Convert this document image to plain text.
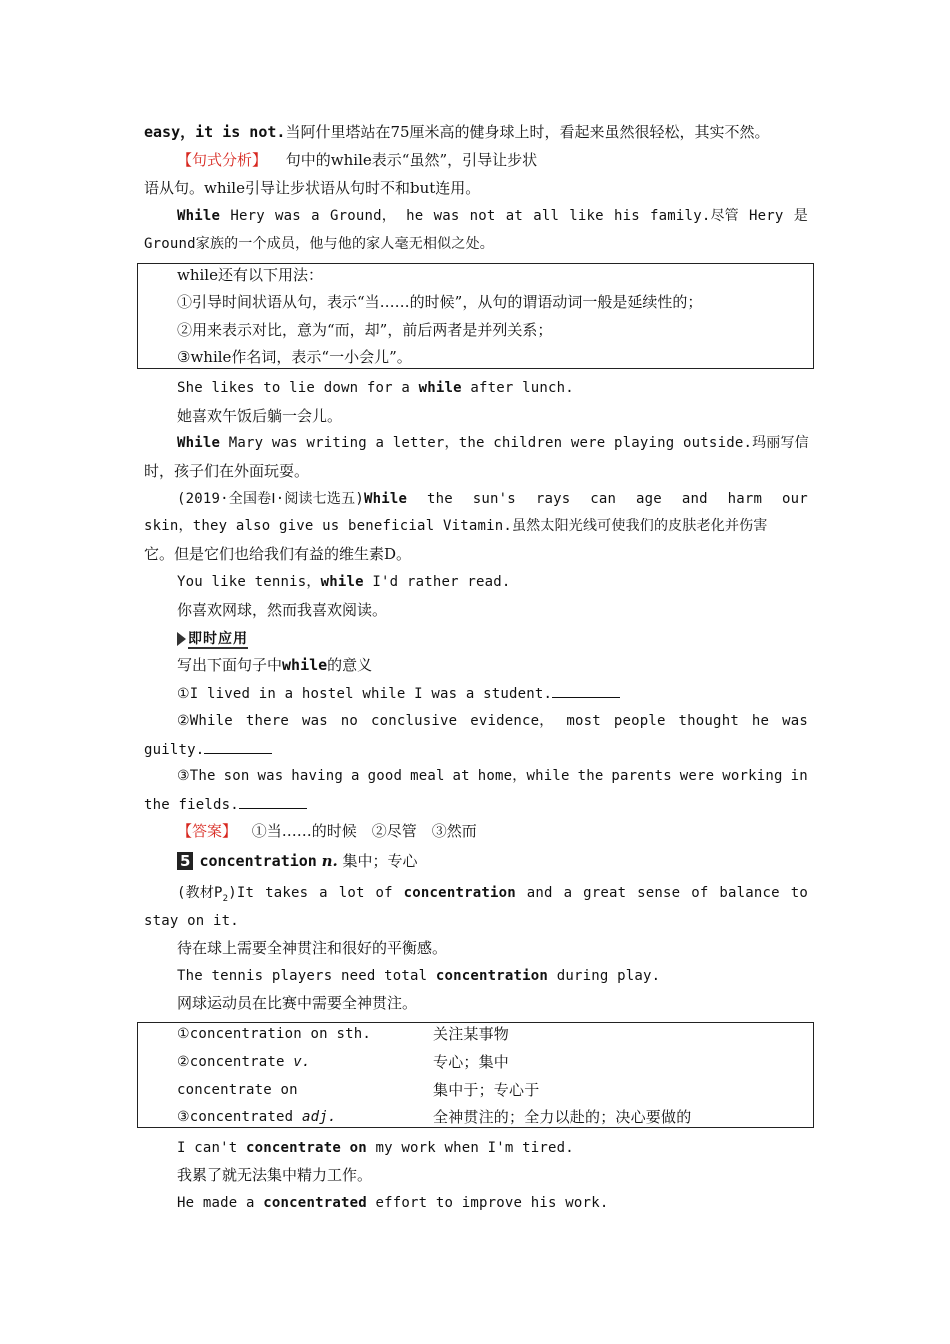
easy，it is not.当阿什里塔站在75厘米高的健身球上时，看起来虽然很轻松，其实不然。
【句式分析】 句中的while表示“虽然”，引导让步状
语从句。while引导让步状语从句时不和but连用。
While Hery was a Ground， he was not at all like his family.尽管 Hery 是
Ground家族的一个成员，他与他的家人毫无相似之处。
while还有以下用法：
①引导时间状语从句，表示“当……的时候”，从句的谓语动词一般是延续性的；
②用来表示对比，意为“而，却”，前后两者是并列关系；
③while作名词，表示“一小会儿”。
She likes to lie down for a while after lunch.
她喜欢午饭后躺一会儿。
While Mary was writing a letter，the children were playing outside.玛丽写信
时，孩子们在外面玩耍。
(2019·全国卷Ⅰ·阅读七选五)While the sun's rays can age and harm our
skin，they also give us beneficial Vitamin.虽然太阳光线可使我们的皮肤老化并伤害
它。但是它们也给我们有益的维生素D。
You like tennis，while I'd rather read.
你喜欢网球，然而我喜欢阅读。
即时应用
写出下面句子中while的意义
①I lived in a hostel while I was a student.
②While there was no conclusive evidence， most people thought he was
guilty.
③The son was having a good meal at home，while the parents were working in
the fields.
【答案】 ①当……的时候　②尽管　③然而
5 concentration n. 集中；专心
(教材$P_2)It$ takes a lot of concentration and a great sense of balance to
stay on it.
待在球上需要全神贯注和很好的平衡感。
The tennis players need total concentration during play.
网球运动员在比赛中需要全神贯注。
①concentration on sth.	关注某事物
②concentrate v.	专心；集中
concentrate on	集中于；专心于
③concentrated adj.	全神贯注的；全力以赴的；决心要做的
I can't concentrate on my work when I'm tired.
我累了就无法集中精力工作。
He made a concentrated effort to improve his work.
